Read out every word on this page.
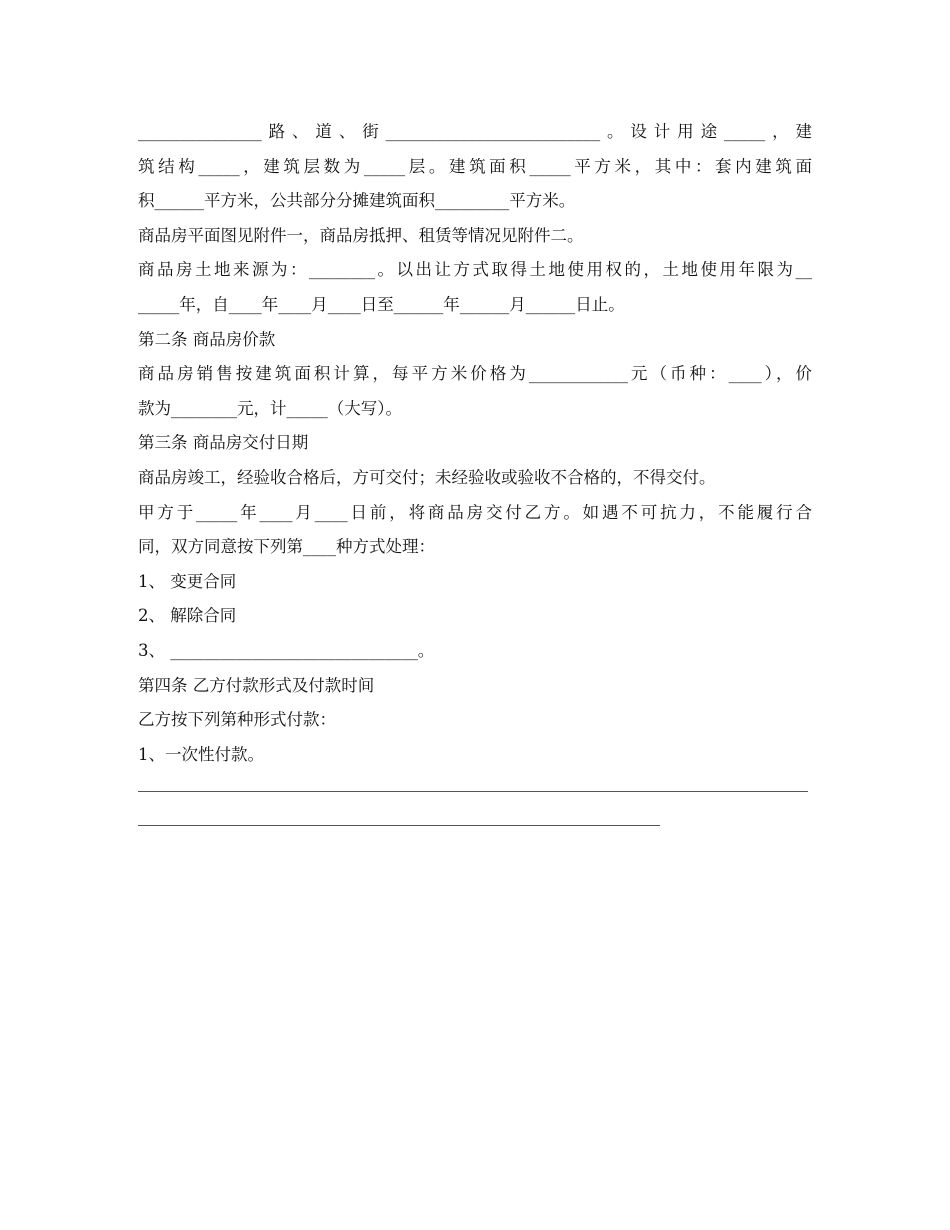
_______________路、道、街__________________________。设计用途_____，建
筑结构_____，建筑层数为_____层。建筑面积_____平方米，其中：套内建筑面
积______平方米，公共部分分摊建筑面积_________平方米。
商品房平面图见附件一，商品房抵押、租赁等情况见附件二。
商品房土地来源为：________。以出让方式取得土地使用权的，土地使用年限为__
_____年，自____年____月____日至______年______月______日止。
第二条 商品房价款
商品房销售按建筑面积计算，每平方米价格为____________元（币种：____），价
款为________元，计_____（大写）。
第三条 商品房交付日期
商品房竣工，经验收合格后，方可交付；未经验收或验收不合格的，不得交付。
甲方于_____年____月____日前，将商品房交付乙方。如遇不可抗力，不能履行合
同，双方同意按下列第____种方式处理：
1、 变更合同
2、 解除合同
3、 ______________________________。
第四条 乙方付款形式及付款时间
乙方按下列第种形式付款：
1、一次性付款。
